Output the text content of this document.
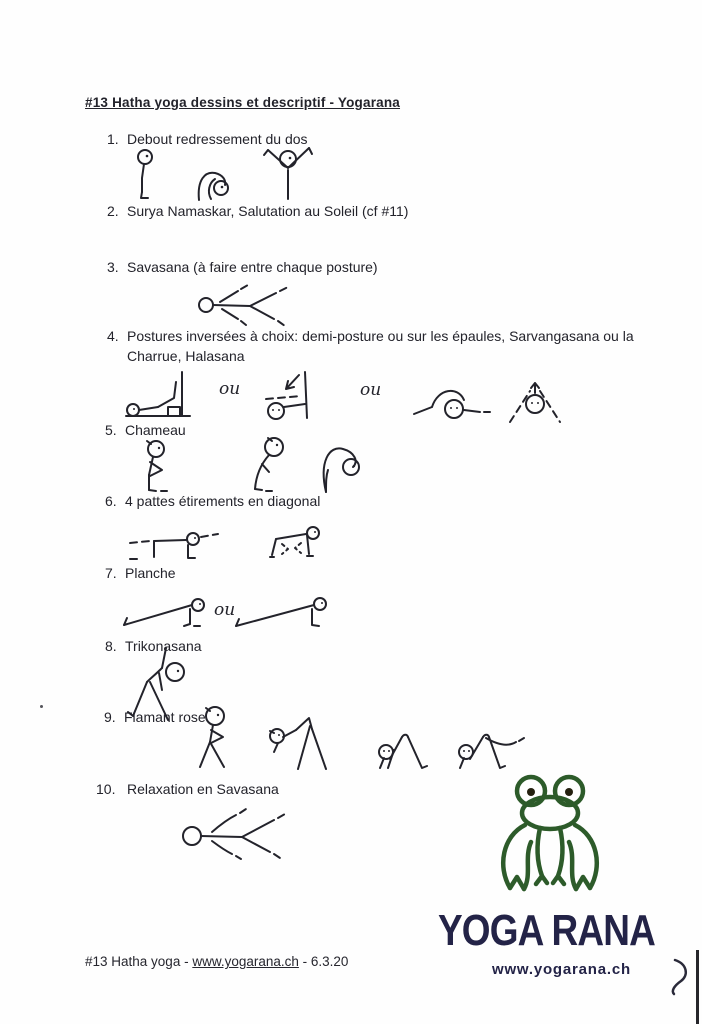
#13 Hatha yoga dessins et descriptif - Yogarana
1. Debout redressement du dos
2. Surya Namaskar, Salutation au Soleil (cf #11)
3. Savasana (à faire entre chaque posture)
4. Postures inversées à choix: demi-posture ou sur les épaules, Sarvangasana ou la Charrue, Halasana
5. Chameau
6. 4 pattes étirements en diagonal
7. Planche
8. Trikonasana
9. Flamant rose
10. Relaxation en Savasana
ou	ou
ou
YOGA RANA
www.yogarana.ch
#13 Hatha yoga - www.yogarana.ch - 6.3.20
